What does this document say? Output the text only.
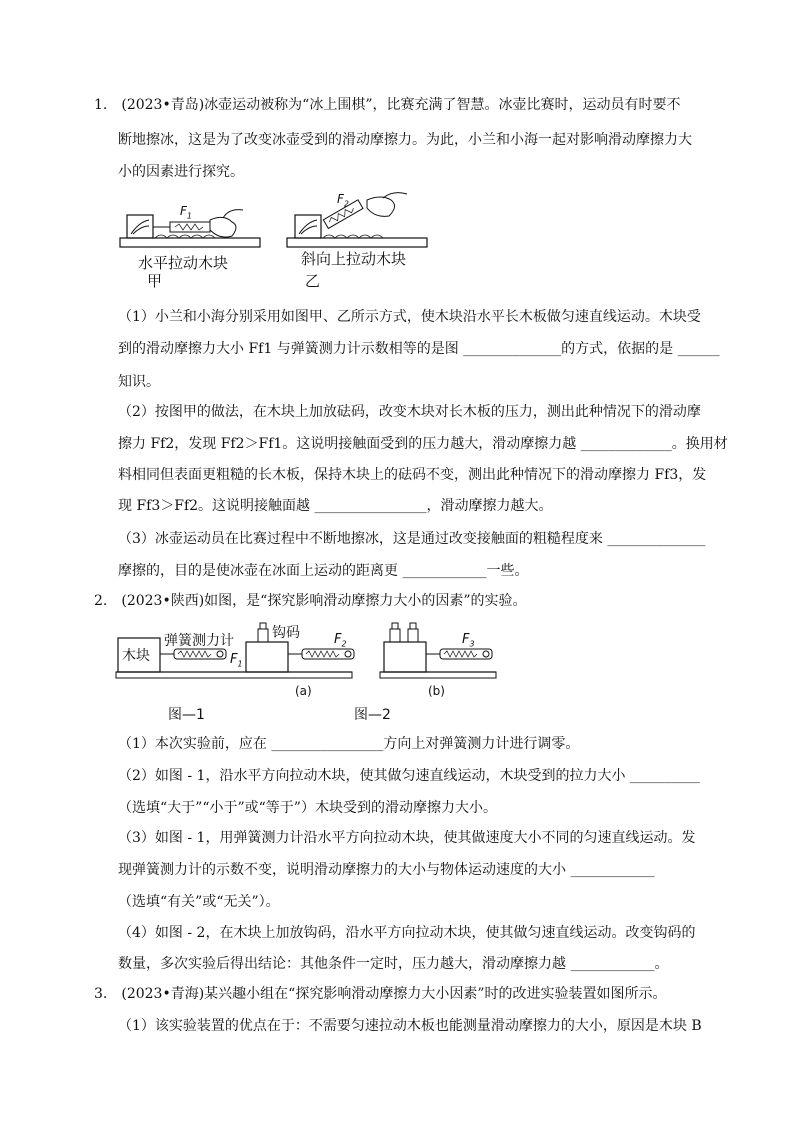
1.　(2023•青岛)冰壶运动被称为“冰上围棋”，比赛充满了智慧。冰壶比赛时，运动员有时要不
断地擦冰，这是为了改变冰壶受到的滑动摩擦力。为此，小兰和小海一起对影响滑动摩擦力大
小的因素进行探究。
$F_1$
$F_2$
水平拉动木块
甲
斜向上拉动木块
乙
（1）小兰和小海分别采用如图甲、乙所示方式，使木块沿水平长木板做匀速直线运动。木块受
到的滑动摩擦力大小 Ff1 与弹簧测力计示数相等的是图 ______________的方式，依据的是 ______
知识。
（2）按图甲的做法，在木块上加放砝码，改变木块对长木板的压力，测出此种情况下的滑动摩
擦力 Ff2，发现 Ff2＞Ff1。这说明接触面受到的压力越大，滑动摩擦力越 _____________。换用材
料相同但表面更粗糙的长木板，保持木块上的砝码不变，测出此种情况下的滑动摩擦力 Ff3，发
现 Ff3＞Ff2。这说明接触面越 ________________，滑动摩擦力越大。
（3）冰壶运动员在比赛过程中不断地擦冰，这是通过改变接触面的粗糙程度来 ______________
摩擦的，目的是使冰壶在冰面上运动的距离更 ____________一些。
2.　(2023•陕西)如图，是“探究影响滑动摩擦力大小的因素”的实验。
木块
弹簧测力计	钩码
$F_1$
$F_2$	$F_3$
(a)	(b)
图—1	图—2
（1）本次实验前，应在 ________________方向上对弹簧测力计进行调零。
（2）如图 - 1，沿水平方向拉动木块，使其做匀速直线运动，木块受到的拉力大小 __________
（选填“大于”“小于”或“等于”）木块受到的滑动摩擦力大小。
（3）如图 - 1，用弹簧测力计沿水平方向拉动木块，使其做速度大小不同的匀速直线运动。发
现弹簧测力计的示数不变，说明滑动摩擦力的大小与物体运动速度的大小 ____________
（选填“有关”或“无关”）。
（4）如图 - 2，在木块上加放钩码，沿水平方向拉动木块，使其做匀速直线运动。改变钩码的
数量，多次实验后得出结论：其他条件一定时，压力越大，滑动摩擦力越 ____________。
3.　(2023•青海)某兴趣小组在“探究影响滑动摩擦力大小因素”时的改进实验装置如图所示。
（1）该实验装置的优点在于：不需要匀速拉动木板也能测量滑动摩擦力的大小，原因是木块 B
